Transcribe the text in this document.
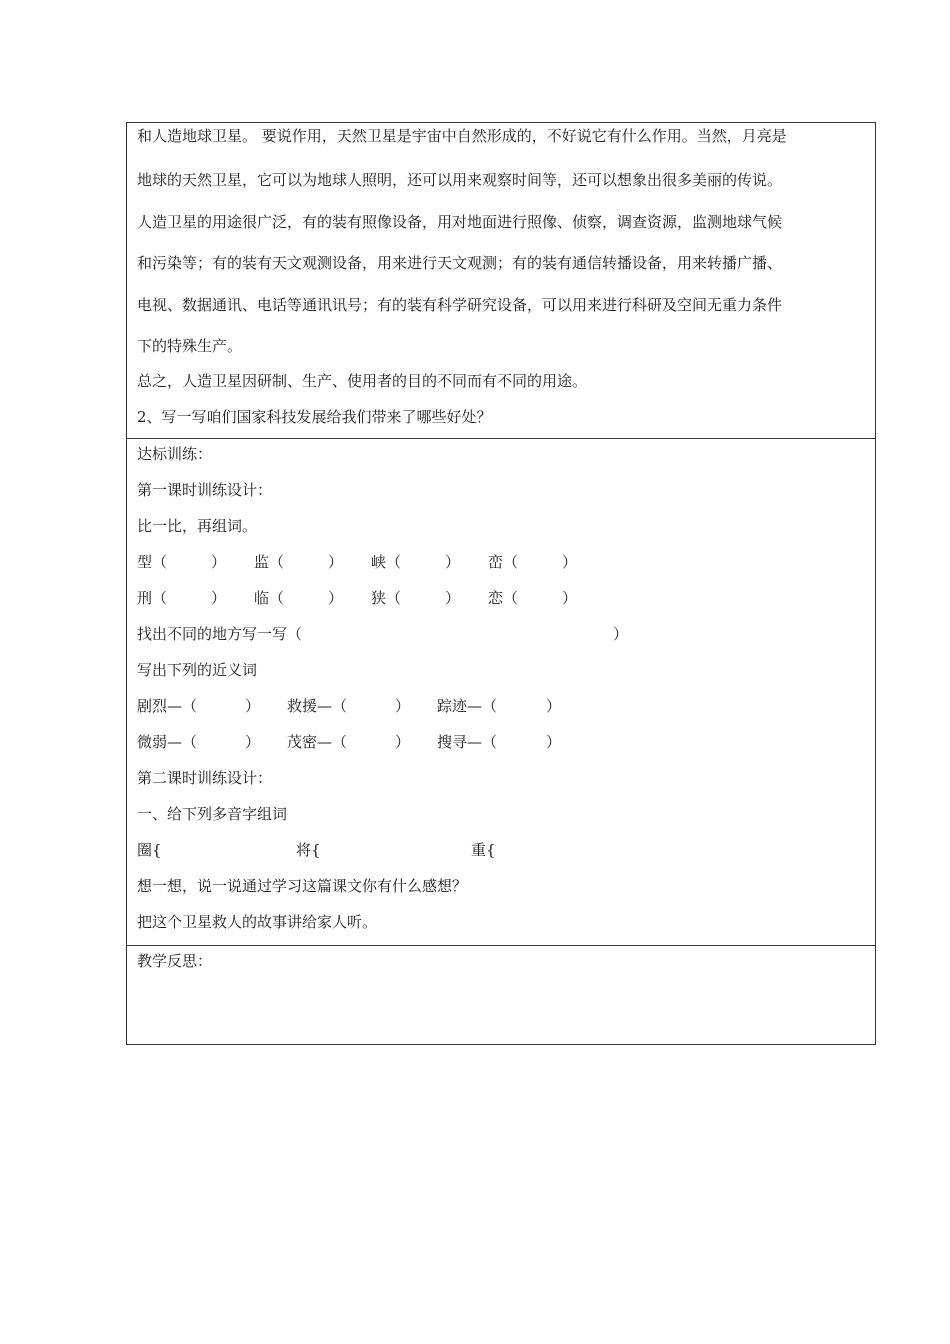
和人造地球卫星。 要说作用，天然卫星是宇宙中自然形成的，不好说它有什么作用。当然，月亮是
地球的天然卫星，它可以为地球人照明，还可以用来观察时间等，还可以想象出很多美丽的传说。
人造卫星的用途很广泛，有的装有照像设备，用对地面进行照像、侦察，调查资源，监测地球气候
和污染等；有的装有天文观测设备，用来进行天文观测；有的装有通信转播设备，用来转播广播、
电视、数据通讯、电话等通讯讯号；有的装有科学研究设备，可以用来进行科研及空间无重力条件
下的特殊生产。
总之，人造卫星因研制、生产、使用者的目的不同而有不同的用途。
2、写一写咱们国家科技发展给我们带来了哪些好处？
达标训练：
第一课时训练设计：
比一比，再组词。
型（	） 监（	） 峡（	） 峦（	）
刑（	） 临（	） 狭（	） 恋（	）
找出不同的地方写一写（	）
写出下列的近义词
剧烈—（	） 救援—（	） 踪迹—（	）
微弱—（	） 茂密—（	） 搜寻—（	）
第二课时训练设计：
一、给下列多音字组词
圈{	将{	重{
想一想，说一说通过学习这篇课文你有什么感想？
把这个卫星救人的故事讲给家人听。
教学反思：
